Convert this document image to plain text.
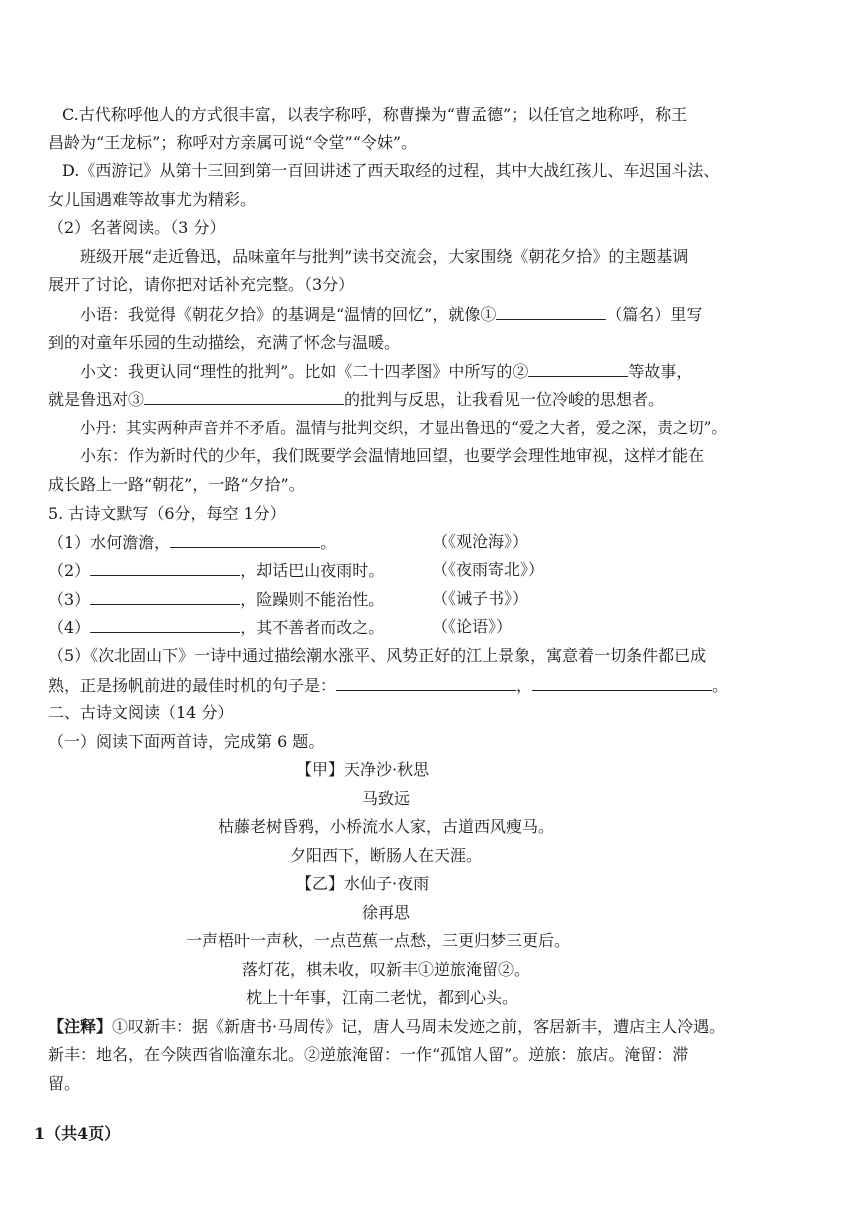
C.古代称呼他人的方式很丰富，以表字称呼，称曹操为“曹孟德”；以任官之地称呼，称王
昌龄为“王龙标”；称呼对方亲属可说“令堂”“令妹”。
D.《西游记》从第十三回到第一百回讲述了西天取经的过程，其中大战红孩儿、车迟国斗法、
女儿国遇难等故事尤为精彩。
（2）名著阅读。（3 分）
班级开展“走近鲁迅，品味童年与批判”读书交流会，大家围绕《朝花夕拾》的主题基调
展开了讨论，请你把对话补充完整。（3分）
小语：我觉得《朝花夕拾》的基调是“温情的回忆”，就像①	（篇名）里写
到的对童年乐园的生动描绘，充满了怀念与温暖。
小文：我更认同“理性的批判”。比如《二十四孝图》中所写的②	等故事，
就是鲁迅对③	的批判与反思，让我看见一位冷峻的思想者。
小丹：其实两种声音并不矛盾。温情与批判交织，才显出鲁迅的“爱之大者，爱之深，责之切”。
小东：作为新时代的少年，我们既要学会温情地回望，也要学会理性地审视，这样才能在
成长路上一路“朝花”，一路“夕拾”。
5. 古诗文默写（6分，每空 1分）
（1）水何澹澹，	。	（《观沧海》）
（2）	，却话巴山夜雨时。	（《夜雨寄北》）
（3）	，险躁则不能治性。	（《诫子书》）
（4）	，其不善者而改之。	（《论语》）
（5）《次北固山下》一诗中通过描绘潮水涨平、风势正好的江上景象，寓意着一切条件都已成
熟，正是扬帆前进的最佳时机的句子是：	，	。
二、古诗文阅读（14 分）
（一）阅读下面两首诗，完成第 6 题。
【甲】天净沙·秋思
马致远
枯藤老树昏鸦，小桥流水人家，古道西风瘦马。
夕阳西下，断肠人在天涯。
【乙】水仙子·夜雨
徐再思
一声梧叶一声秋，一点芭蕉一点愁，三更归梦三更后。
落灯花，棋未收，叹新丰①逆旅淹留②。
枕上十年事，江南二老忧，都到心头。
【注释】①叹新丰：据《新唐书·马周传》记，唐人马周未发迹之前，客居新丰，遭店主人冷遇。
新丰：地名，在今陕西省临潼东北。②逆旅淹留：一作“孤馆人留”。逆旅：旅店。淹留：滞
留。
1（共4页）
